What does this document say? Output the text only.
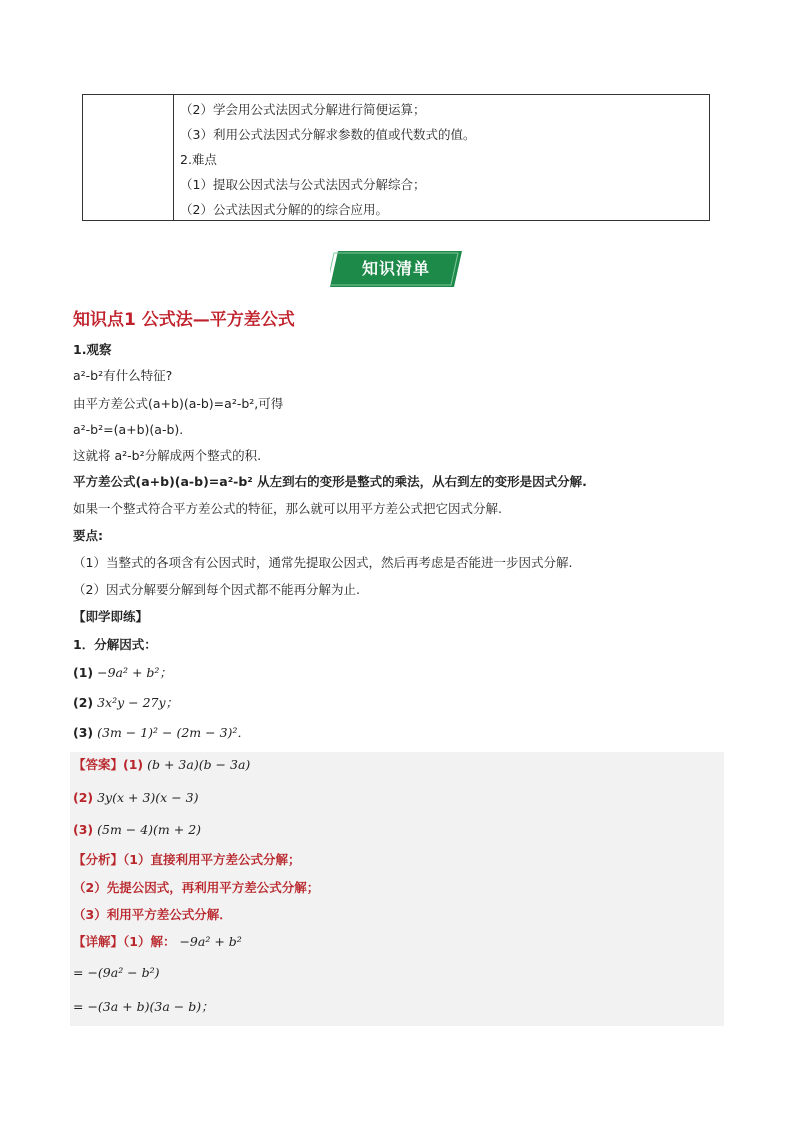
（2）学会用公式法因式分解进行简便运算；
（3）利用公式法因式分解求参数的值或代数式的值。
2.难点
（1）提取公因式法与公式法因式分解综合；
（2）公式法因式分解的的综合应用。
知识清单
知识点1 公式法—平方差公式
1.观察
a²-b²有什么特征?
由平方差公式(a+b)(a-b)=a²-b²,可得
a²-b²=(a+b)(a-b).
这就将 a²-b²分解成两个整式的积.
平方差公式(a+b)(a-b)=a²-b² 从左到右的变形是整式的乘法，从右到左的变形是因式分解.
如果一个整式符合平方差公式的特征，那么就可以用平方差公式把它因式分解.
要点:
（1）当整式的各项含有公因式时，通常先提取公因式，然后再考虑是否能进一步因式分解.
（2）因式分解要分解到每个因式都不能再分解为止.
【即学即练】
1．分解因式：
(1) −9a² + b²；
(2) 3x²y − 27y；
(3) (3m − 1)² − (2m − 3)²．
【答案】(1) (b + 3a)(b − 3a)
(2) 3y(x + 3)(x − 3)
(3) (5m − 4)(m + 2)
【分析】（1）直接利用平方差公式分解；
（2）先提公因式，再利用平方差公式分解；
（3）利用平方差公式分解．
【详解】（1）解： −9a² + b²
= −(9a² − b²)
= −(3a + b)(3a − b)；
